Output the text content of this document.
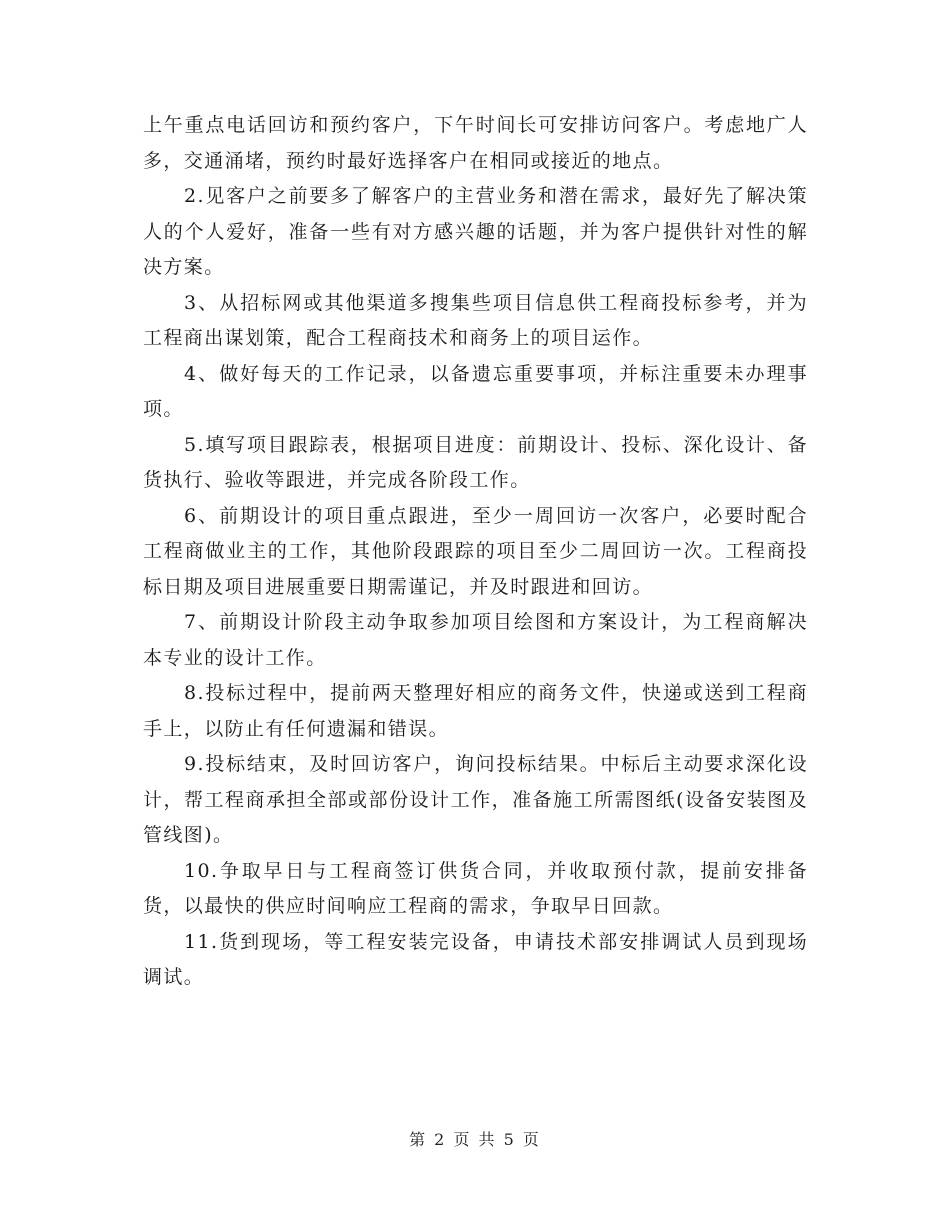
上午重点电话回访和预约客户，下午时间长可安排访问客户。考虑地广人多，交通涌堵，预约时最好选择客户在相同或接近的地点。

2.见客户之前要多了解客户的主营业务和潜在需求，最好先了解决策人的个人爱好，准备一些有对方感兴趣的话题，并为客户提供针对性的解决方案。

3、从招标网或其他渠道多搜集些项目信息供工程商投标参考，并为工程商出谋划策，配合工程商技术和商务上的项目运作。

4、做好每天的工作记录，以备遗忘重要事项，并标注重要未办理事项。

5.填写项目跟踪表，根据项目进度：前期设计、投标、深化设计、备货执行、验收等跟进，并完成各阶段工作。

6、前期设计的项目重点跟进，至少一周回访一次客户，必要时配合工程商做业主的工作，其他阶段跟踪的项目至少二周回访一次。工程商投标日期及项目进展重要日期需谨记，并及时跟进和回访。

7、前期设计阶段主动争取参加项目绘图和方案设计，为工程商解决本专业的设计工作。

8.投标过程中，提前两天整理好相应的商务文件，快递或送到工程商手上，以防止有任何遗漏和错误。

9.投标结束，及时回访客户，询问投标结果。中标后主动要求深化设计，帮工程商承担全部或部份设计工作，准备施工所需图纸(设备安装图及管线图)。

10.争取早日与工程商签订供货合同，并收取预付款，提前安排备货，以最快的供应时间响应工程商的需求，争取早日回款。

11.货到现场，等工程安装完设备，申请技术部安排调试人员到现场调试。

第 2 页 共 5 页
